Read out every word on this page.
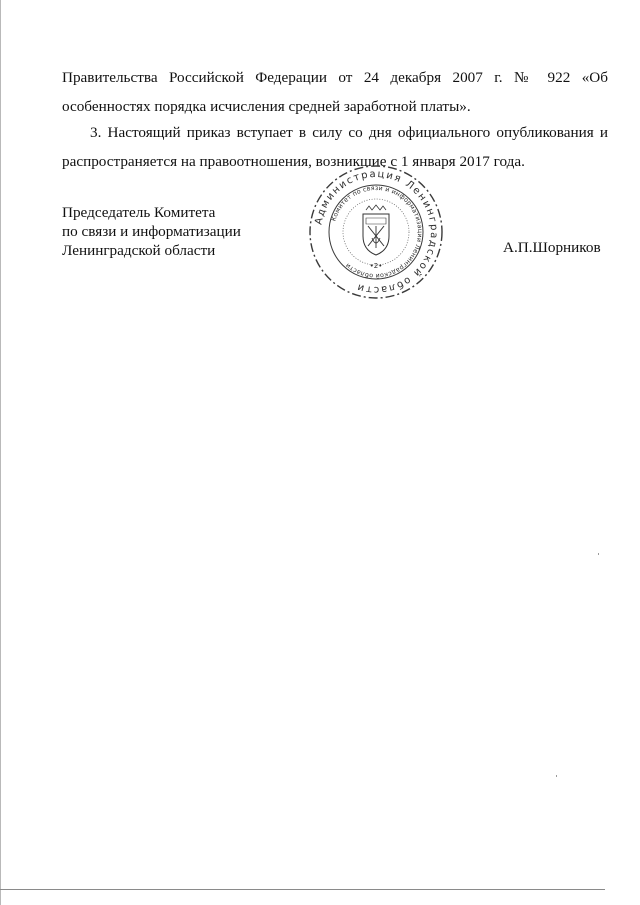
Правительства Российской Федерации от 24 декабря 2007 г. № 922 «Об особенностях порядка исчисления средней заработной платы».

3. Настоящий приказ вступает в силу со дня официального опубликования и распространяется на правоотношения, возникшие с 1 января 2017 года.

Председатель Комитета
по связи и информатизации
Ленинградской области	А.П.Шорников
Администрация Ленинградской области
Комитет по связи и информатизации Ленинградской области	•2•
